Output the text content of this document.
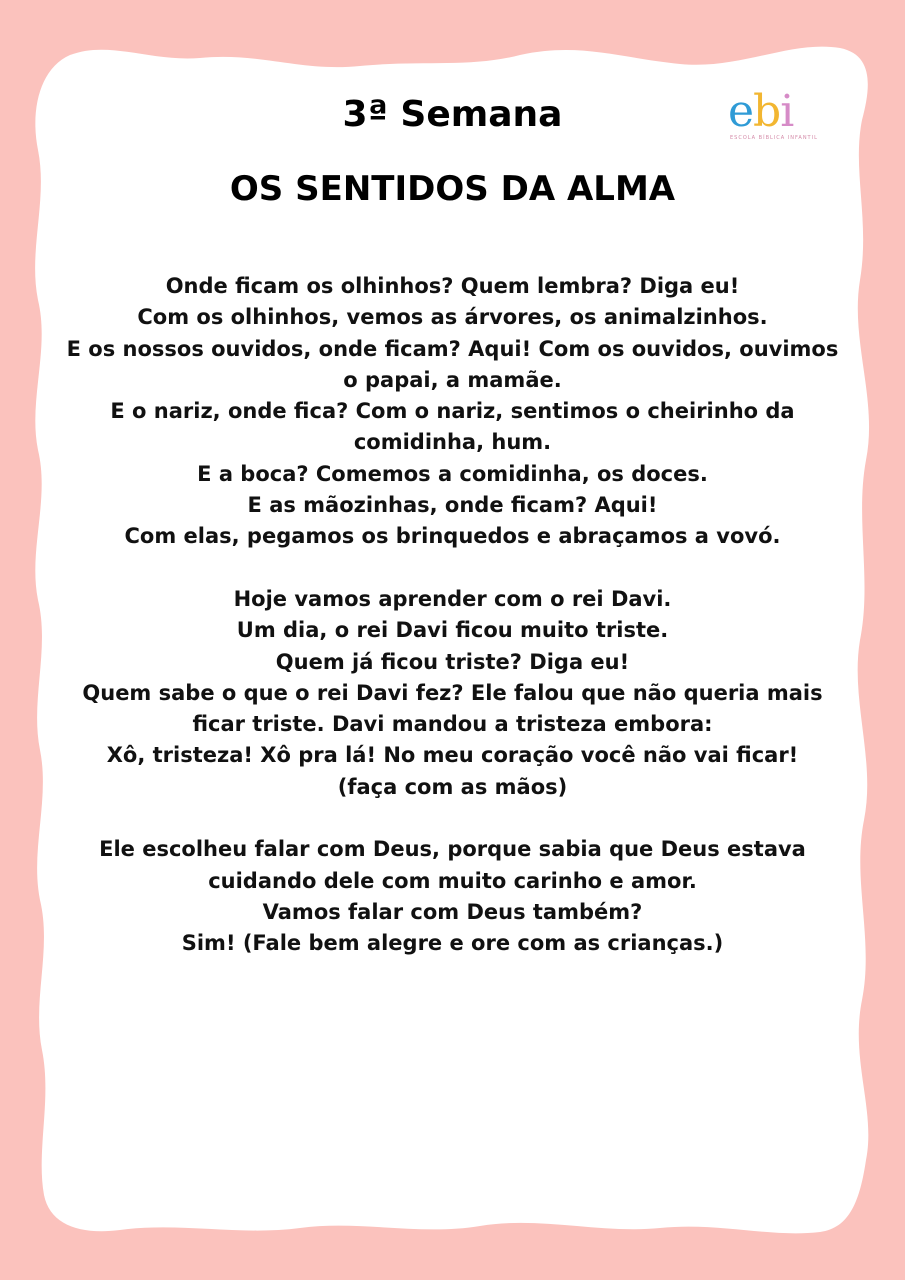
3ª Semana
OS SENTIDOS DA ALMA
ebi
ESCOLA BÍBLICA INFANTIL

Onde ficam os olhinhos? Quem lembra? Diga eu!
Com os olhinhos, vemos as árvores, os animalzinhos.
E os nossos ouvidos, onde ficam? Aqui! Com os ouvidos, ouvimos
o papai, a mamãe.
E o nariz, onde fica? Com o nariz, sentimos o cheirinho da
comidinha, hum.
E a boca? Comemos a comidinha, os doces.
E as mãozinhas, onde ficam? Aqui!
Com elas, pegamos os brinquedos e abraçamos a vovó.

Hoje vamos aprender com o rei Davi.
Um dia, o rei Davi ficou muito triste.
Quem já ficou triste? Diga eu!
Quem sabe o que o rei Davi fez? Ele falou que não queria mais
ficar triste. Davi mandou a tristeza embora:
Xô, tristeza! Xô pra lá! No meu coração você não vai ficar!
(faça com as mãos)

Ele escolheu falar com Deus, porque sabia que Deus estava
cuidando dele com muito carinho e amor.
Vamos falar com Deus também?
Sim! (Fale bem alegre e ore com as crianças.)
